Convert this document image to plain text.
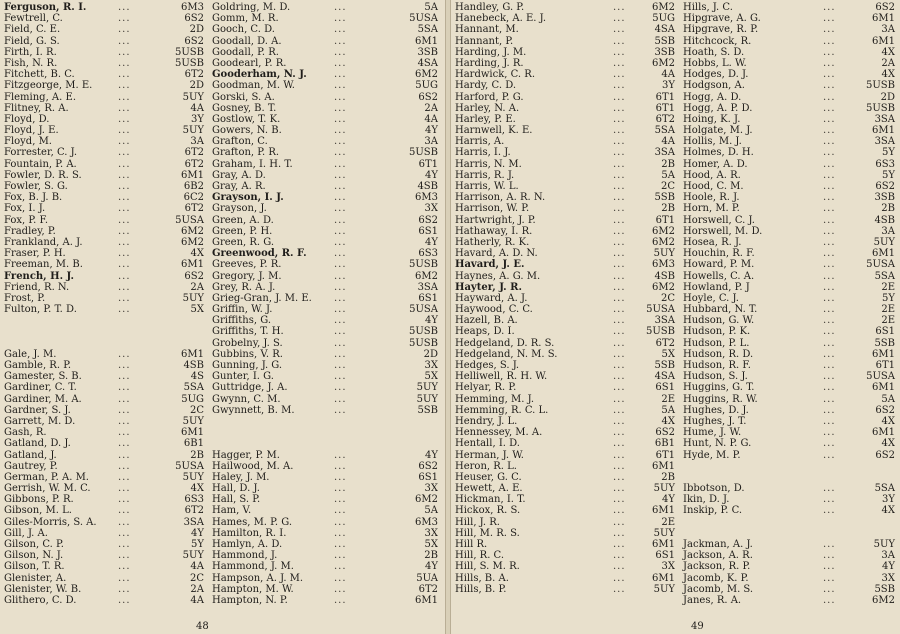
Ferguson, R. I.	...	6M3
Fewtrell, C.	...	6S2
Field, C. E.	...	2D
Field, G. S.	...	6S2
Firth, I. R.	...	5USB
Fish, N. R.	...	5USB
Fitchett, B. C.	...	6T2
Fitzgeorge, M. E.	...	2D
Fleming, A. E.	...	5UY
Flitney, R. A.	...	4A
Floyd, D.	...	3Y
Floyd, J. E.	...	5UY
Floyd, M.	...	3A
Forrester, C. J.	...	6T2
Fountain, P. A.	...	6T2
Fowler, D. R. S.	...	6M1
Fowler, S. G.	...	6B2
Fox, B. J. B.	...	6C2
Fox, I. J.	...	6T2
Fox, P. F.	...	5USA
Fradley, P.	...	6M2
Frankland, A. J.	...	6M2
Fraser, P. H.	...	4X
Freeman, M. B.	...	6M1
French, H. J.	...	6S2
Friend, R. N.	...	2A
Frost, P.	...	5UY
Fulton, P. T. D.	...	5X
Gale, J. M.	...	6M1
Gamble, R. P.	...	4SB
Gamester, S. B.	...	4S
Gardiner, C. T.	...	5SA
Gardiner, M. A.	...	5UG
Gardner, S. J.	...	2C
Garrett, M. D.	...	5UY
Gash, R.	...	6M1
Gatland, D. J.	...	6B1
Gatland, J.	...	2B
Gautrey, P.	...	5USA
German, P. A. M.	...	5UY
Gerrish, W. M. C.	...	4X
Gibbons, P. R.	...	6S3
Gibson, M. L.	...	6T2
Giles-Morris, S. A. ...	3SA
Gill, J. A.	...	4Y
Gilson, C. P.	...	5Y
Gilson, N. J.	...	5UY
Gilson, T. R.	...	4A
Glenister, A.	...	2C
Glenister, W. B.	...	2A
Glithero, C. D.	...	4A
Goldring, M. D.	...	5A
Gomm, M. R.	...	5USA
Gooch, C. D.	...	5SA
Goodall, D. A.	...	6M1
Goodall, P. R.	...	3SB
Goodearl, P. R.	...	4SA
Gooderham, N. J.	...	6M2
Goodman, M. W.	...	5UG
Gorski, S. A.	...	6S2
Gosney, B. T.	...	2A
Gostlow, T. K.	...	4A
Gowers, N. B.	...	4Y
Grafton, C.	...	3A
Grafton, P. R.	...	5USB
Graham, I. H. T.	...	6T1
Gray, A. D.	...	4Y
Gray, A. R.	...	4SB
Grayson, I. J.	...	6M3
Grayson, J.	...	3X
Green, A. D.	...	6S2
Green, P. H.	...	6S1
Green, R. G.	...	4Y
Greenwood, R. F.	...	6S3
Greeves, P. R.	...	5USB
Gregory, J. M.	...	6M2
Grey, R. A. J.	...	3SA
Grieg-Gran, J. M. E. ...	6S1
Griffin, W. J.	...	5USA
Griffiths, G.	...	4Y
Griffiths, T. H.	...	5USB
Grobelny, J. S.	...	5USB
Gubbins, V. R.	...	2D
Gunning, J. G.	...	3X
Gunter, I. G.	...	5X
Guttridge, J. A.	...	5UY
Gwynn, C. M.	...	5UY
Gwynnett, B. M.	...	5SB
Hagger, P. M.	...	4Y
Hailwood, M. A.	...	6S2
Haley, J. M.	...	6S1
Hall, D. J.	...	3X
Hall, S. P.	...	6M2
Ham, V.	...	5A
Hames, M. P. G.	...	6M3
Hamilton, R. I.	...	3X
Hamlyn, A. D.	...	5X
Hammond, J.	...	2B
Hammond, J. M.	...	4Y
Hampson, A. J. M.	...	5UA
Hampton, M. W.	...	6T2
Hampton, N. P.	...	6M1
48
Handley, G. P.	...	6M2
Hanebeck, A. E. J.	...	5UG
Hannant, M.	...	4SA
Hannant, P.	...	5SB
Harding, J. M.	...	3SB
Harding, J. R.	...	6M2
Hardwick, C. R.	...	4A
Hardy, C. D.	...	3Y
Harford, P. G.	...	6T1
Harley, N. A.	...	6T1
Harley, P. E.	...	6T2
Harnwell, K. E.	...	5SA
Harris, A.	...	4A
Harris, I. J.	...	3SA
Harris, N. M.	...	2B
Harris, R. J.	...	5A
Harris, W. L.	...	2C
Harrison, A. R. N.	...	5SB
Harrison, W. P.	...	2B
Hartwright, J. P.	...	6T1
Hathaway, I. R.	...	6M2
Hatherly, R. K.	...	6M2
Havard, A. D. N.	...	5UY
Havard, J. E.	...	6M3
Haynes, A. G. M.	...	4SB
Hayter, J. R.	...	6M2
Hayward, A. J.	...	2C
Haywood, C. C.	... 5USA
Hazell, B. A.	...	3SA
Heaps, D. I.	... 5USB
Hedgeland, D. R. S.	...	6T2
Hedgeland, N. M. S.	...	5X
Hedges, S. J.	...	5SB
Helliwell, R. H. W.	...	4SA
Helyar, R. P.	...	6S1
Hemming, M. J.	...	2E
Hemming, R. C. L.	...	5A
Hendry, J. L.	...	4X
Hennessey, M. A.	...	6S2
Hentall, I. D.	...	6B1
Herman, J. W.	...	6T1
Heron, R. L.	...	6M1
Heuser, G. C.	...	2B
Hewett, A. E.	...	5UY
Hickman, I. T.	...	4Y
Hickox, R. S.	...	6M1
Hill, J. R.	...	2E
Hill, M. R. S.	...	5UY
Hill R.	...	6M1
Hill, R. C.	...	6S1
Hill, S. M. R.	...	3X
Hills, B. A.	...	6M1
Hills, B. P.	...	5UY
Hills, J. C.	...	6S2
Hipgrave, A. G.	...	6M1
Hipgrave, R. P.	...	3A
Hitchcock, R.	...	6M1
Hoath, S. D.	...	4X
Hobbs, L. W.	...	2A
Hodges, D. J.	...	4X
Hodgson, A.	...	5USB
Hogg, A. D.	...	2D
Hogg, A. P. D.	...	5USB
Hoing, K. J.	...	3SA
Holgate, M. J.	...	6M1
Hollis, M. J.	...	3SA
Holmes, D. H.	...	5Y
Homer, A. D.	...	6S3
Hood, A. R.	...	5Y
Hood, C. M.	...	6S2
Hoole, R. J.	...	3SB
Horn, M. P.	...	2B
Horswell, C. J.	...	4SB
Horswell, M. D.	...	3A
Hosea, R. J.	...	5UY
Houchin, R. F.	...	6M1
Howard, P. M.	...	5USA
Howells, C. A.	...	5SA
Howland, P. J	...	2E
Hoyle, C. J.	...	5Y
Hubbard, N. T.	...	2E
Hudson, G. W.	...	2E
Hudson, P. K.	...	6S1
Hudson, P. L.	...	5SB
Hudson, R. D.	...	6M1
Hudson, R. F.	...	6T1
Hudson, S. J.	...	5USA
Huggins, G. T.	...	6M1
Huggins, R. W.	...	5A
Hughes, D. J.	...	6S2
Hughes, J. T.	...	4X
Hume, J. W.	...	6M1
Hunt, N. P. G.	...	4X
Hyde, M. P.	...	6S2
Ibbotson, D.	...	5SA
Ikin, D. J.	...	3Y
Inskip, P. C.	...	4X
Jackman, A. J.	...	5UY
Jackson, A. R.	...	3A
Jackson, R. P.	...	4Y
Jacomb, K. P.	...	3X
Jacomb, M. S.	...	5SB
Janes, R. A.	...	6M2
49
